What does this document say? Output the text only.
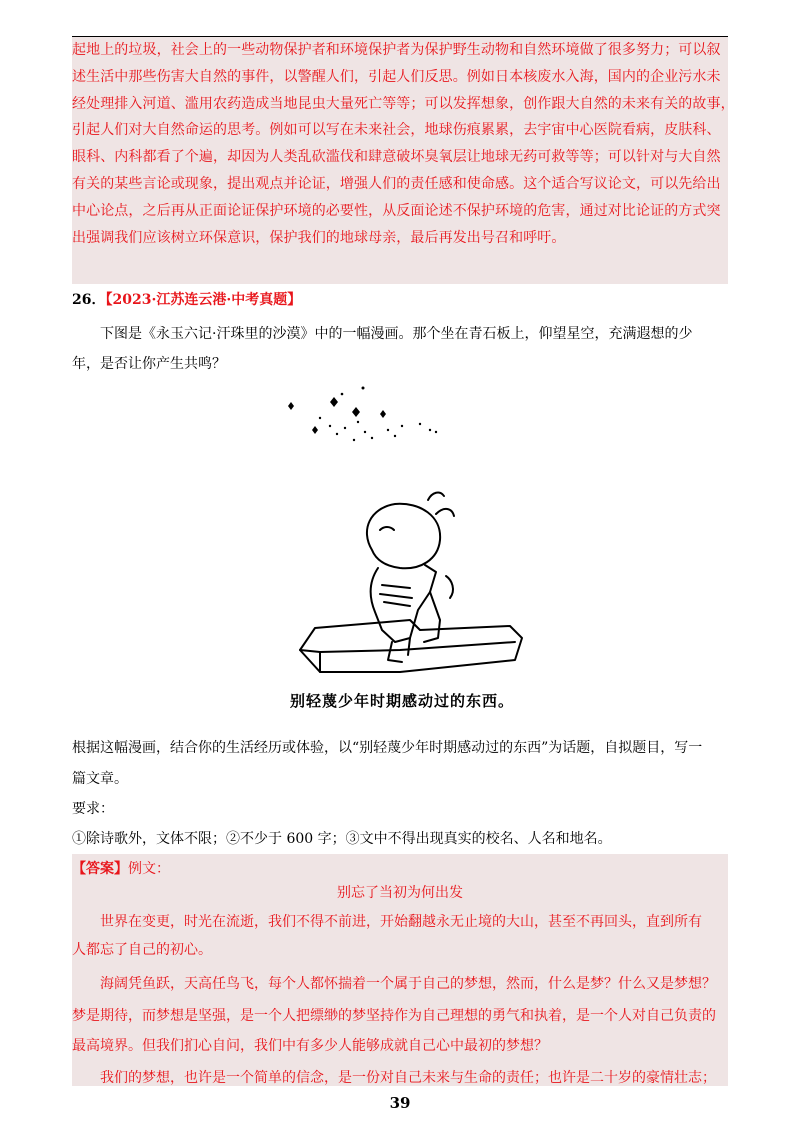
起地上的垃圾，社会上的一些动物保护者和环境保护者为保护野生动物和自然环境做了很多努力；可以叙

述生活中那些伤害大自然的事件，以警醒人们，引起人们反思。例如日本核废水入海，国内的企业污水未

经处理排入河道、滥用农药造成当地昆虫大量死亡等等；可以发挥想象，创作跟大自然的未来有关的故事，

引起人们对大自然命运的思考。例如可以写在未来社会，地球伤痕累累，去宇宙中心医院看病，皮肤科、

眼科、内科都看了个遍，却因为人类乱砍滥伐和肆意破坏臭氧层让地球无药可救等等；可以针对与大自然

有关的某些言论或现象，提出观点并论证，增强人们的责任感和使命感。这个适合写议论文，可以先给出

中心论点，之后再从正面论证保护环境的必要性，从反面论述不保护环境的危害，通过对比论证的方式突

出强调我们应该树立环保意识，保护我们的地球母亲，最后再发出号召和呼吁。

26．【2023·江苏连云港·中考真题】
下图是《永玉六记·汗珠里的沙漠》中的一幅漫画。那个坐在青石板上，仰望星空，充满遐想的少
年，是否让你产生共鸣？
别轻蔑少年时期感动过的东西。
根据这幅漫画，结合你的生活经历或体验，以“别轻蔑少年时期感动过的东西”为话题，自拟题目，写一
篇文章。
要求：
①除诗歌外，文体不限；②不少于 600 字；③文中不得出现真实的校名、人名和地名。
【答案】例文：
别忘了当初为何出发

世界在变更，时光在流逝，我们不得不前进，开始翻越永无止境的大山，甚至不再回头，直到所有

人都忘了自己的初心。

海阔凭鱼跃，天高任鸟飞，每个人都怀揣着一个属于自己的梦想，然而，什么是梦？什么又是梦想？

梦是期待，而梦想是坚强，是一个人把缥缈的梦坚持作为自己理想的勇气和执着，是一个人对自己负责的

最高境界。但我们扪心自问，我们中有多少人能够成就自己心中最初的梦想？

我们的梦想，也许是一个简单的信念，是一份对自己未来与生命的责任；也许是二十岁的豪情壮志；

39
